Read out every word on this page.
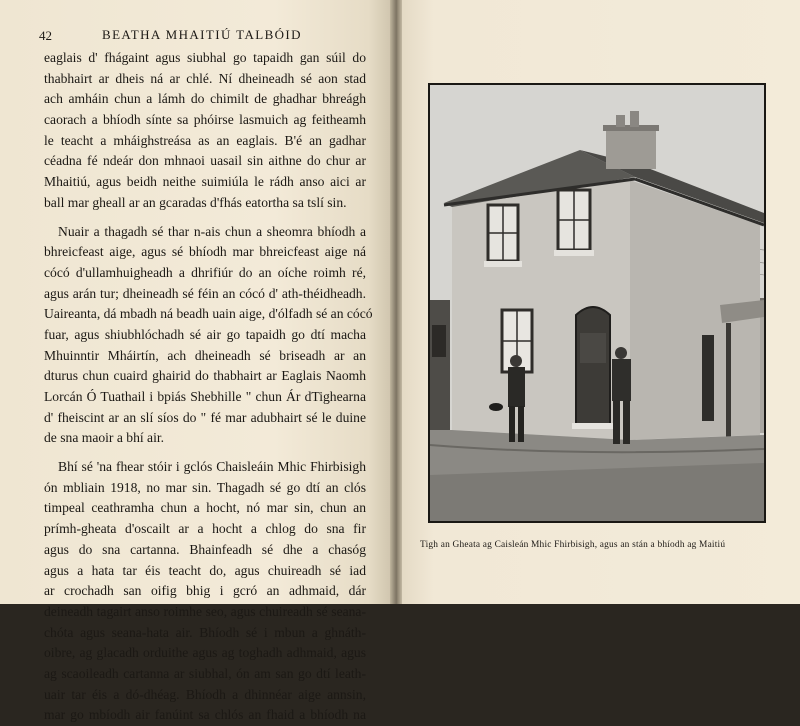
42	BEATHA MHAITIÚ TALBÓID
eaglais d' fhágaint agus siubhal go tapaidh gan súil do
thabhairt ar dheis ná ar chlé. Ní dheineadh sé aon stad
ach amháin chun a lámh do chimilt de ghadhar bhreágh
caorach a bhíodh sínte sa phóirse lasmuich ag feitheamh
le teacht a mháighstreása as an eaglais. B'é an gadhar
céadna fé ndeár don mhnaoi uasail sin aithne do chur ar
Mhaitiú, agus beidh neithe suimiúla le rádh anso aici ar
ball mar gheall ar an gcaradas d'fhás eatortha sa tslí sin.
Nuair a thagadh sé thar n-ais chun a sheomra bhíodh a
bhreicfeast aige, agus sé bhíodh mar bhreicfeast aige ná
cócó d'ullamhuigheadh a dhrifiúr do an oíche roimh ré,
agus arán tur; dheineadh sé féin an cócó d' ath-théidheadh.
Uaireanta, dá mbadh ná beadh uain aige, d'ólfadh sé an cócó
fuar, agus shiubhlóchadh sé air go tapaidh go dtí macha
Mhuinntir Mháirtín, ach dheineadh sé briseadh ar an
dturus chun cuaird ghairid do thabhairt ar Eaglais Naomh
Lorcán Ó Tuathail i bpiás Shebhille " chun Ár dTighearna
d' fheiscint ar an slí síos do " fé mar adubhairt sé le duine
de sna maoir a bhí air.
Bhí sé 'na fhear stóir i gclós Chaisleáin Mhic Fhirbisigh
ón mbliain 1918, no mar sin. Thagadh sé go dtí an clós
timpeal ceathramha chun a hocht, nó mar sin, chun an
prímh-gheata d'oscailt ar a hocht a chlog do sna fir
agus do sna cartanna. Bhainfeadh sé dhe a chasóg
agus a hata tar éis teacht do, agus chuireadh sé iad
ar crochadh san oifig bhig i gcró an adhmaid, dár
deineadh tagairt anso roimhe seo, agus chuireadh sé seana-
chóta agus seana-hata air. Bhíodh sé i mbun a ghnáth-
oibre, ag glacadh orduithe agus ag toghadh adhmaid, agus
ag scaoileadh cartanna ar siubhal, ón am san go dtí leath-
uair tar éis a dó-dhéag. Bhíodh a dhinnéar aige annsin,
mar go mbíodh air fanúint sa chlós an fhaid a bhíodh na
Tigh an Gheata ag Caisleán Mhic Fhirbisigh, agus an stán a bhíodh ag Maitiú
